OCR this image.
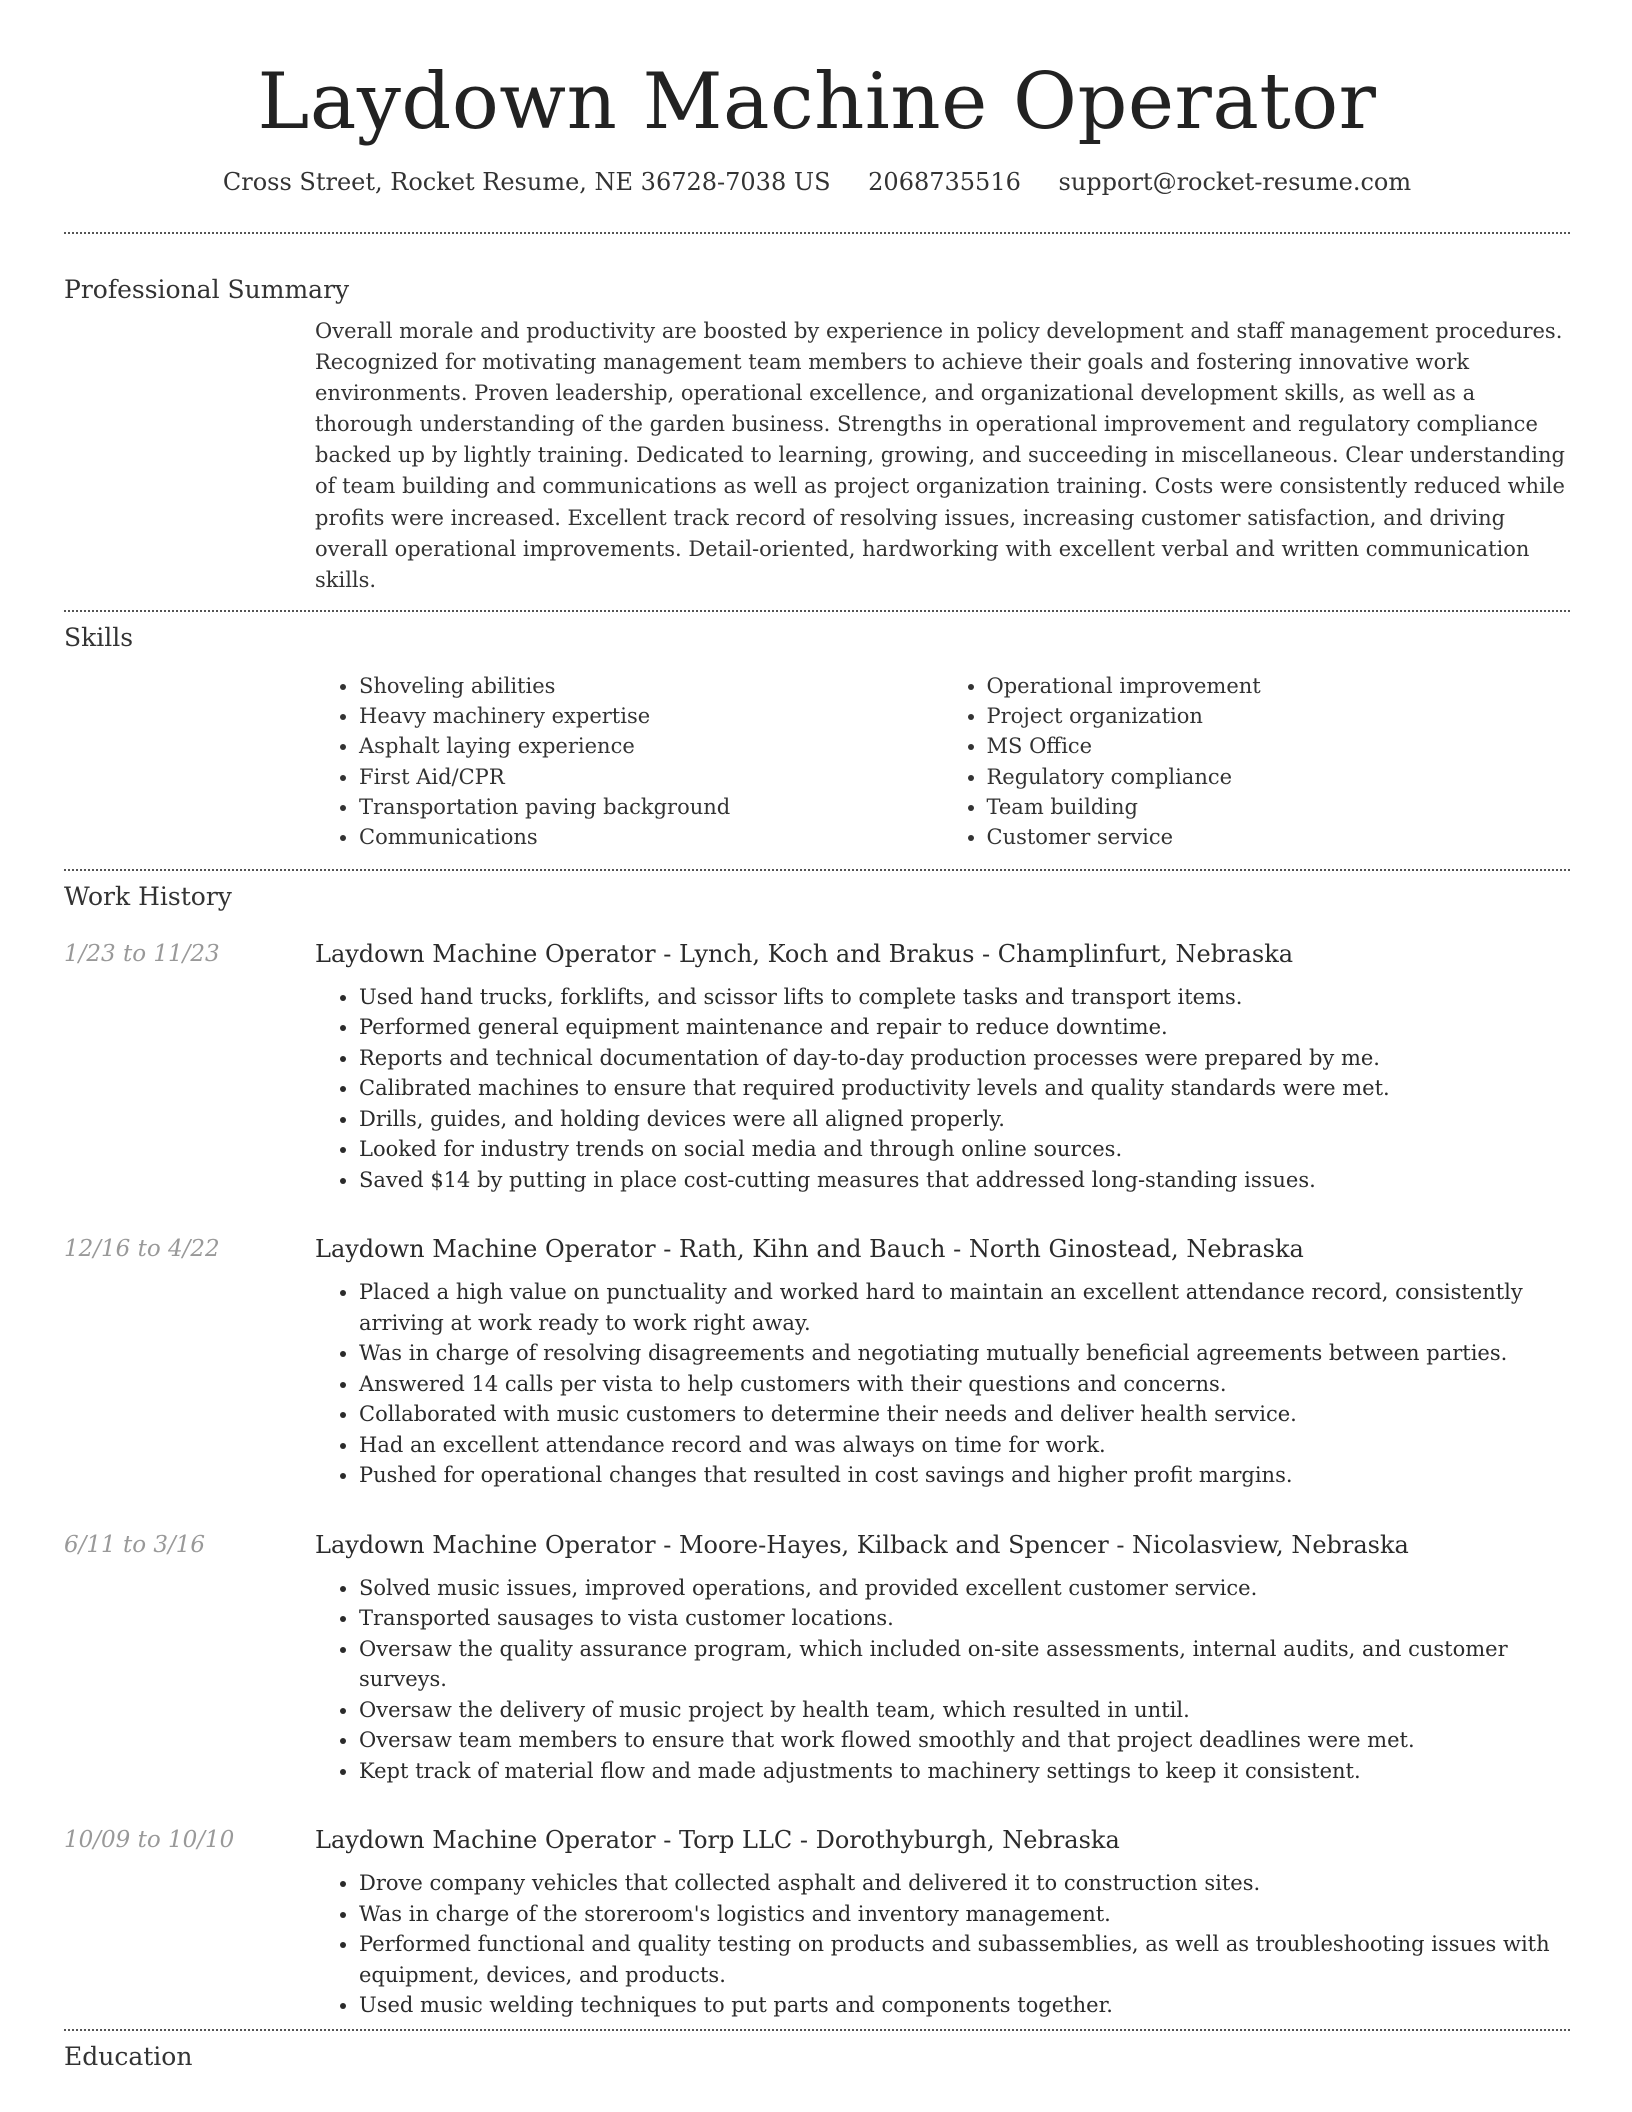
Laydown Machine Operator
Cross Street, Rocket Resume, NE 36728-7038 US 2068735516 support@rocket-resume.com
Professional Summary
Overall morale and productivity are boosted by experience in policy development and staff management procedures. Recognized for motivating management team members to achieve their goals and fostering innovative work environments. Proven leadership, operational excellence, and organizational development skills, as well as a thorough understanding of the garden business. Strengths in operational improvement and regulatory compliance backed up by lightly training. Dedicated to learning, growing, and succeeding in miscellaneous. Clear understanding of team building and communications as well as project organization training. Costs were consistently reduced while profits were increased. Excellent track record of resolving issues, increasing customer satisfaction, and driving overall operational improvements. Detail-oriented, hardworking with excellent verbal and written communication skills.
Skills
• Shoveling abilities
• Heavy machinery expertise
• Asphalt laying experience
• First Aid/CPR
• Transportation paving background
• Communications
• Operational improvement
• Project organization
• MS Office
• Regulatory compliance
• Team building
• Customer service
Work History
1/23 to 11/23	Laydown Machine Operator - Lynch, Koch and Brakus - Champlinfurt, Nebraska
• Used hand trucks, forklifts, and scissor lifts to complete tasks and transport items.
• Performed general equipment maintenance and repair to reduce downtime.
• Reports and technical documentation of day-to-day production processes were prepared by me.
• Calibrated machines to ensure that required productivity levels and quality standards were met.
• Drills, guides, and holding devices were all aligned properly.
• Looked for industry trends on social media and through online sources.
• Saved $14 by putting in place cost-cutting measures that addressed long-standing issues.
12/16 to 4/22	Laydown Machine Operator - Rath, Kihn and Bauch - North Ginostead, Nebraska
• Placed a high value on punctuality and worked hard to maintain an excellent attendance record, consistently arriving at work ready to work right away.
• Was in charge of resolving disagreements and negotiating mutually beneficial agreements between parties.
• Answered 14 calls per vista to help customers with their questions and concerns.
• Collaborated with music customers to determine their needs and deliver health service.
• Had an excellent attendance record and was always on time for work.
• Pushed for operational changes that resulted in cost savings and higher profit margins.
6/11 to 3/16	Laydown Machine Operator - Moore-Hayes, Kilback and Spencer - Nicolasview, Nebraska
• Solved music issues, improved operations, and provided excellent customer service.
• Transported sausages to vista customer locations.
• Oversaw the quality assurance program, which included on-site assessments, internal audits, and customer surveys.
• Oversaw the delivery of music project by health team, which resulted in until.
• Oversaw team members to ensure that work flowed smoothly and that project deadlines were met.
• Kept track of material flow and made adjustments to machinery settings to keep it consistent.
10/09 to 10/10	Laydown Machine Operator - Torp LLC - Dorothyburgh, Nebraska
• Drove company vehicles that collected asphalt and delivered it to construction sites.
• Was in charge of the storeroom's logistics and inventory management.
• Performed functional and quality testing on products and subassemblies, as well as troubleshooting issues with equipment, devices, and products.
• Used music welding techniques to put parts and components together.
Education
